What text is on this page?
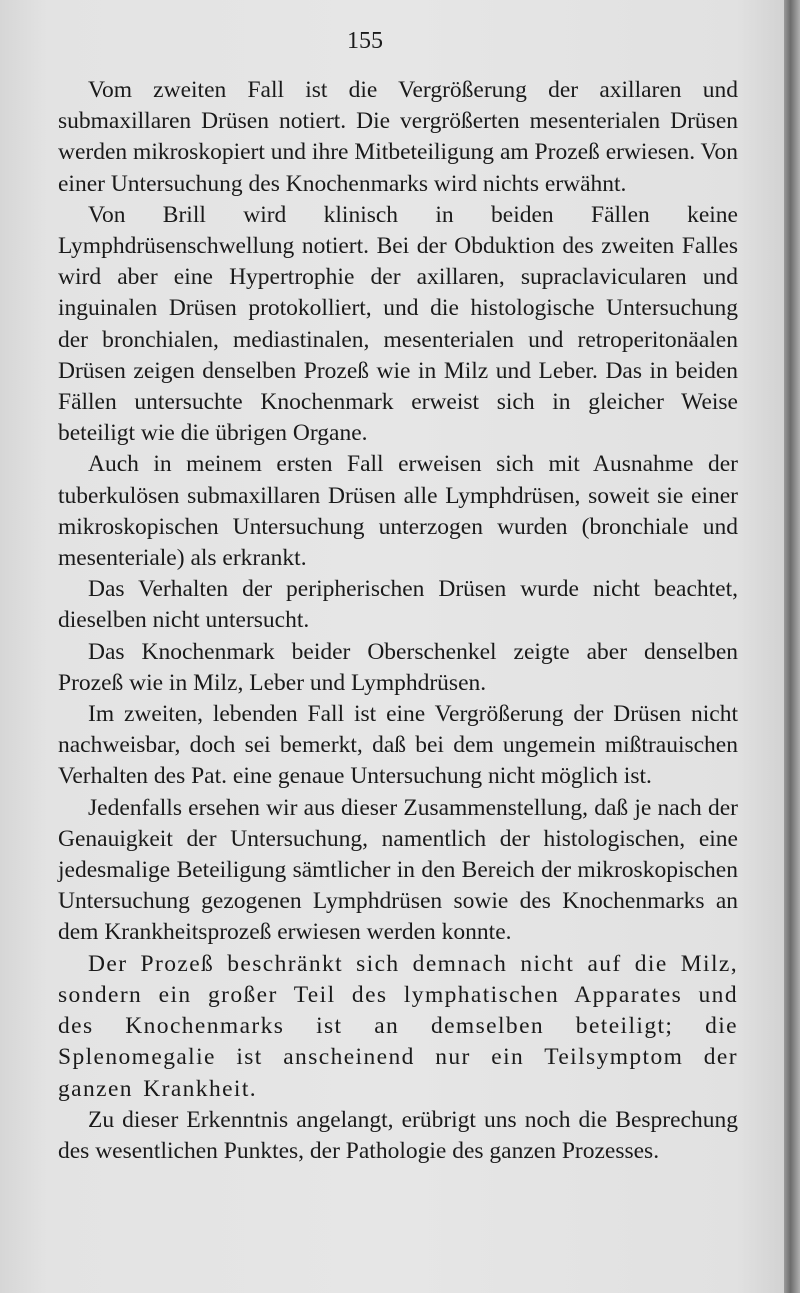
155

Vom zweiten Fall ist die Vergrößerung der axillaren und submaxillaren Drüsen notiert. Die vergrößerten mesenterialen Drüsen werden mikroskopiert und ihre Mitbeteiligung am Prozeß erwiesen. Von einer Untersuchung des Knochenmarks wird nichts erwähnt.

Von Brill wird klinisch in beiden Fällen keine Lymphdrüsenschwellung notiert. Bei der Obduktion des zweiten Falles wird aber eine Hypertrophie der axillaren, supraclavicularen und inguinalen Drüsen protokolliert, und die histologische Untersuchung der bronchialen, mediastinalen, mesenterialen und retroperitonäalen Drüsen zeigen denselben Prozeß wie in Milz und Leber. Das in beiden Fällen untersuchte Knochenmark erweist sich in gleicher Weise beteiligt wie die übrigen Organe.

Auch in meinem ersten Fall erweisen sich mit Ausnahme der tuberkulösen submaxillaren Drüsen alle Lymphdrüsen, soweit sie einer mikroskopischen Untersuchung unterzogen wurden (bronchiale und mesenteriale) als erkrankt.

Das Verhalten der peripherischen Drüsen wurde nicht beachtet, dieselben nicht untersucht.

Das Knochenmark beider Oberschenkel zeigte aber denselben Prozeß wie in Milz, Leber und Lymphdrüsen.

Im zweiten, lebenden Fall ist eine Vergrößerung der Drüsen nicht nachweisbar, doch sei bemerkt, daß bei dem ungemein mißtrauischen Verhalten des Pat. eine genaue Untersuchung nicht möglich ist.

Jedenfalls ersehen wir aus dieser Zusammenstellung, daß je nach der Genauigkeit der Untersuchung, namentlich der histologischen, eine jedesmalige Beteiligung sämtlicher in den Bereich der mikroskopischen Untersuchung gezogenen Lymphdrüsen sowie des Knochenmarks an dem Krankheitsprozeß erwiesen werden konnte.

Der Prozeß beschränkt sich demnach nicht auf die Milz, sondern ein großer Teil des lymphatischen Apparates und des Knochenmarks ist an demselben beteiligt; die Splenomegalie ist anscheinend nur ein Teilsymptom der ganzen Krankheit.

Zu dieser Erkenntnis angelangt, erübrigt uns noch die Besprechung des wesentlichen Punktes, der Pathologie des ganzen Prozesses.
